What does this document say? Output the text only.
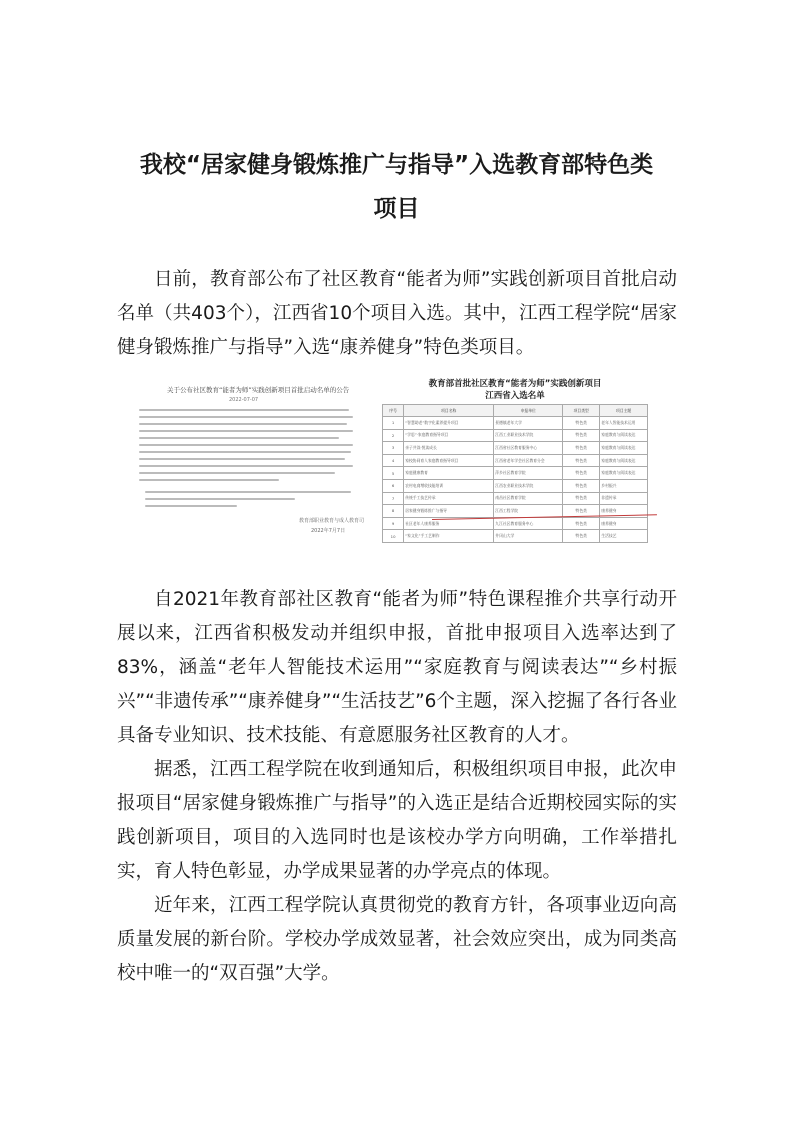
我校“居家健身锻炼推广与指导”入选教育部特色类
项目

日前，教育部公布了社区教育“能者为师”实践创新项目首批启动名单（共403个），江西省10个项目入选。其中，江西工程学院“居家健身锻炼推广与指导”入选“康养健身”特色类项目。

关于公布社区教育“能者为师”实践创新项目首批启动名单的公告
2022-07-07
教育部职业教育与成人教育司
2022年7月7日
教育部首批社区教育“能者为师”实践创新项目
江西省入选名单
序号	项目名称	申报单位	项目类型	项目主题
1	“智慧助老”数字化素养提升项目	景德镇老年大学	特色类	老年人智能技术运用
2	“学思”·家庭教育指导项目	江西工业职业技术学院	特色类	家庭教育与阅读表达
3	亲子共读·悦读成长	江西省社区教育服务中心	特色类	家庭教育与阅读表达
4	家校协同育人家庭教育指导项目	江西省老年学会社区教育分会	特色类	家庭教育与阅读表达
5	家庭健康教育	萍乡社区教育学院	特色类	家庭教育与阅读表达
6	农村电商增收技能培训	江西农业职业技术学院	特色类	乡村振兴
7	传统手工技艺传承	南昌社区教育学院	特色类	非遗传承
8	居家健身锻炼推广与指导	江西工程学院	特色类	康养健身
9	社区老年人康养服务	九江社区教育服务中心	特色类	康养健身
10	“家文化”手工艺制作	井冈山大学	特色类	生活技艺

自2021年教育部社区教育“能者为师”特色课程推介共享行动开展以来，江西省积极发动并组织申报，首批申报项目入选率达到了83%，涵盖“老年人智能技术运用”“家庭教育与阅读表达”“乡村振兴”“非遗传承”“康养健身”“生活技艺”6个主题，深入挖掘了各行各业具备专业知识、技术技能、有意愿服务社区教育的人才。

据悉，江西工程学院在收到通知后，积极组织项目申报，此次申报项目“居家健身锻炼推广与指导”的入选正是结合近期校园实际的实践创新项目，项目的入选同时也是该校办学方向明确，工作举措扎实，育人特色彰显，办学成果显著的办学亮点的体现。

近年来，江西工程学院认真贯彻党的教育方针，各项事业迈向高质量发展的新台阶。学校办学成效显著，社会效应突出，成为同类高校中唯一的“双百强”大学。
